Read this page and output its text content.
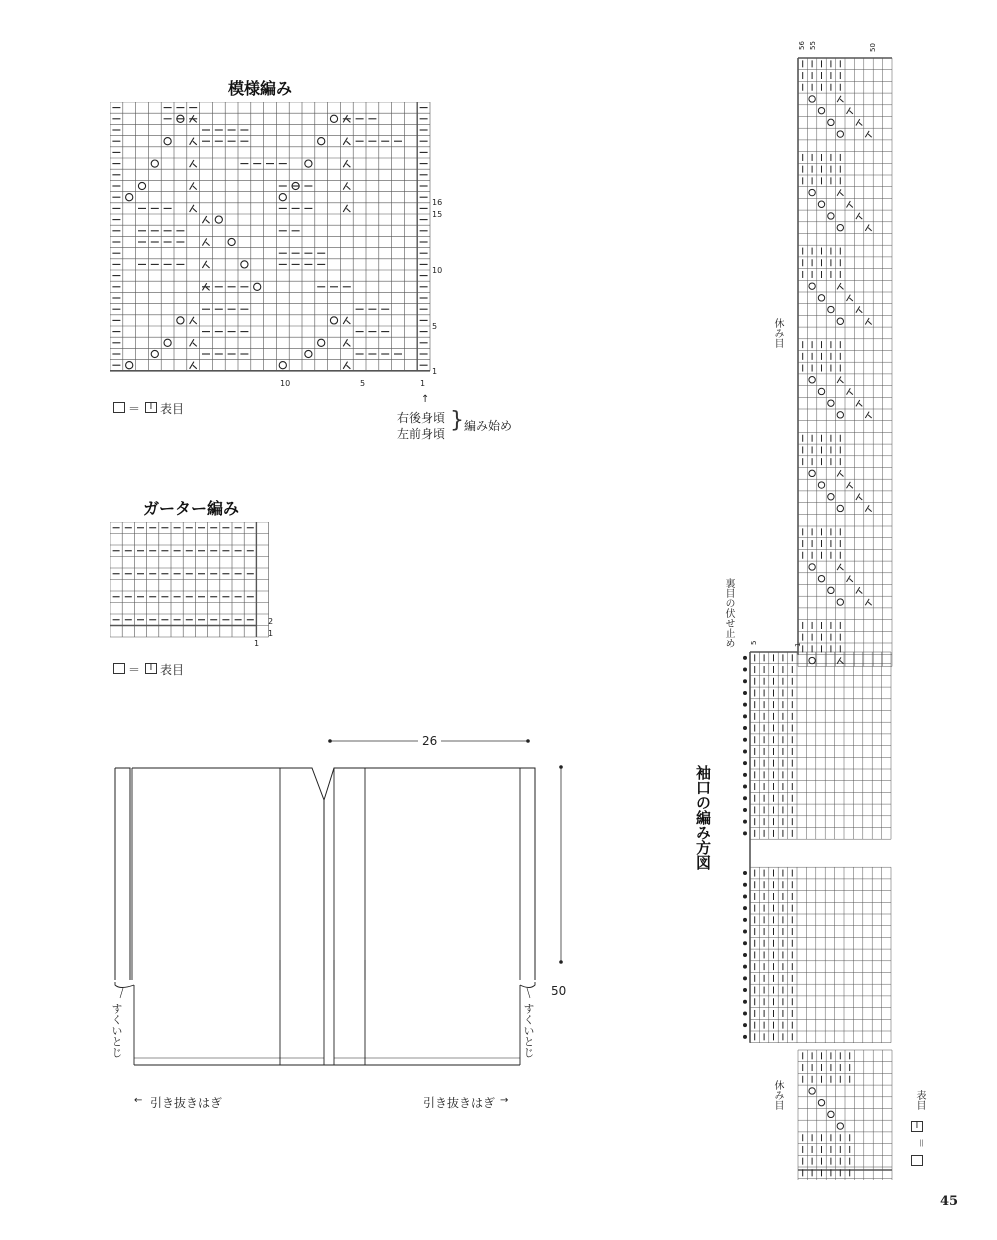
模様編み
16
15
10
5
1
10	5	1
＝	I 表目
↑
右後身頃
左前身頃
} 編み始め
ガーター編み
2
1
1
＝	I 表目
26
50
すくいとじ	すくいとじ
← 引き抜きはぎ	引き抜きはぎ →
袖口の編み方図
56 55	50
5	1
裏目の伏せ止め
休み目
休み目
＝
I
表目
45
